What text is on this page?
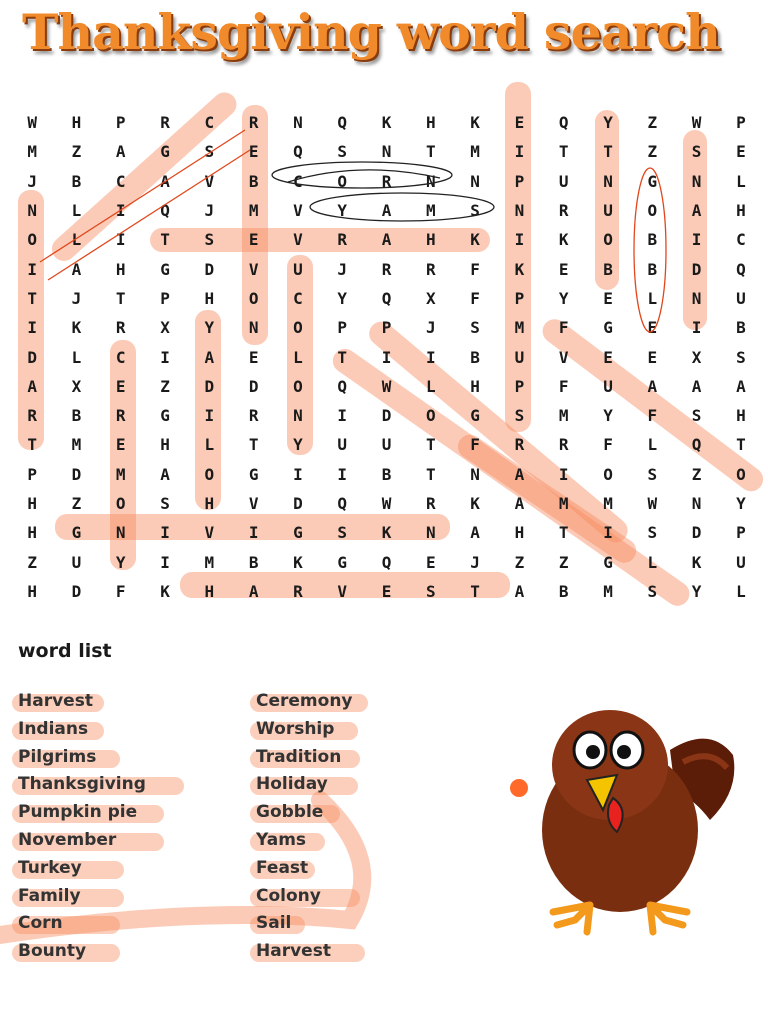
Thanksgiving word search
W	H	P	R	C	R	N	Q	K	H	K	E	Q	Y	Z	W	P
M	Z	A	G	S	E	Q	S	N	T	M	I	T	T	Z	S	E
J	B	C	A	V	B	C	O	R	N	N	P	U	N	G	N	L
N	L	I	Q	J	M	V	Y	A	M	S	N	R	U	O	A	H
O	L	I	T	S	E	V	R	A	H	K	I	K	O	B	I	C
I	A	H	G	D	V	U	J	R	R	F	K	E	B	B	D	Q
T	J	T	P	H	O	C	Y	Q	X	F	P	Y	E	L	N	U
I	K	R	X	Y	N	O	P	P	J	S	M	F	G	E	I	B
D	L	C	I	A	E	L	T	I	I	B	U	V	E	E	X	S
A	X	E	Z	D	D	O	Q	W	L	H	P	F	U	A	A	A
R	B	R	G	I	R	N	I	D	O	G	S	M	Y	F	S	H
T	M	E	H	L	T	Y	U	U	T	F	R	R	F	L	Q	T
P	D	M	A	O	G	I	I	B	T	N	A	I	O	S	Z	O
H	Z	O	S	H	V	D	Q	W	R	K	A	M	M	W	N	Y
H	G	N	I	V	I	G	S	K	N	A	H	T	I	S	D	P
Z	U	Y	I	M	B	K	G	Q	E	J	Z	Z	G	L	K	U
H	D	F	K	H	A	R	V	E	S	T	A	B	M	S	Y	L
word list
Harvest
Indians
Pilgrims
Thanksgiving
Pumpkin pie
November
Turkey
Family
Corn
Bounty
Ceremony
Worship
Tradition
Holiday
Gobble
Yams
Feast
Colony
Sail
Harvest
